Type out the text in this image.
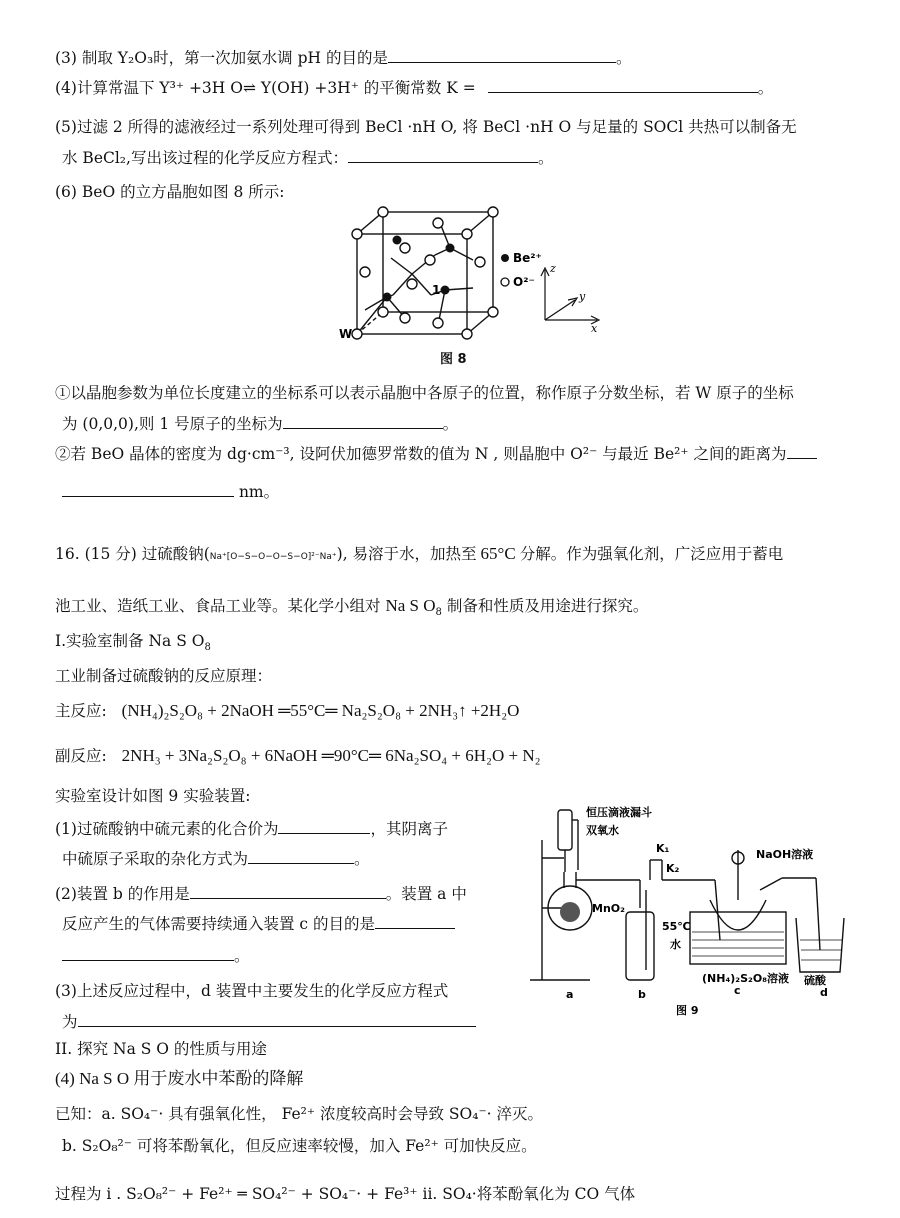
(3) 制取 Y₂O₃时，第一次加氨水调 pH 的目的是	。
(4)计算常温下 Y³⁺ +3H O⇌ Y(OH) +3H⁺ 的平衡常数 K =	。
(5)过滤 2 所得的滤液经过一系列处理可得到 BeCl ·nH O, 将 BeCl ·nH O 与足量的 SOCl 共热可以制备无
水 BeCl₂,写出该过程的化学反应方程式：	。
(6) BeO 的立方晶胞如图 8 所示:
Be²⁺
O²⁻
W
1
z
y
x
图 8
①以晶胞参数为单位长度建立的坐标系可以表示晶胞中各原子的位置，称作原子分数坐标，若 W 原子的坐标
为 (0,0,0),则 1 号原子的坐标为	。
②若 BeO 晶体的密度为 dg·cm⁻³, 设阿伏加德罗常数的值为 N , 则晶胞中 O²⁻ 与最近 Be²⁺ 之间的距离为
nm。
16. (15 分) 过硫酸钠(Na⁺[O−S−O−O−S−O]²⁻Na⁺), 易溶于水，加热至 65°C 分解。作为强氧化剂，广泛应用于蓄电
池工业、造纸工业、食品工业等。某化学小组对 Na S $O_8$ 制备和性质及用途进行探究。
I.实验室制备 Na S $O_8$
工业制备过硫酸钠的反应原理：
主反应: (NH₄)₂S₂O₈ + 2NaOH ═55°C═ Na₂S₂O₈ + 2NH₃↑ +2H₂O
副反应: 2NH₃ + 3Na₂S₂O₈ + 6NaOH ═90°C═ 6Na₂SO₄ + 6H₂O + N₂
实验室设计如图 9 实验装置:
(1)过硫酸钠中硫元素的化合价为	，其阴离子
中硫原子采取的杂化方式为	。
(2)装置 b 的作用是	。装置 a 中
反应产生的气体需要持续通入装置 c 的目的是
。
(3)上述反应过程中，d 装置中主要发生的化学反应方程式
为
II. 探究 Na S O 的性质与用途
(4) Na S O 用于废水中苯酚的降解
已知：a. SO₄⁻· 具有强氧化性， Fe²⁺ 浓度较高时会导致 SO₄⁻· 淬灭。
b. S₂O₈²⁻ 可将苯酚氧化，但反应速率较慢，加入 Fe²⁺ 可加快反应。
过程为 i . S₂O₈²⁻ + Fe²⁺ ═ SO₄²⁻ + SO₄⁻· + Fe³⁺ ii. SO₄·将苯酚氧化为 CO 气体
恒压滴液漏斗
双氧水
K₁
K₂
NaOH溶液
MnO₂
55℃
水
(NH₄)₂S₂O₈溶液 硫酸
a	b	c	d
图 9
